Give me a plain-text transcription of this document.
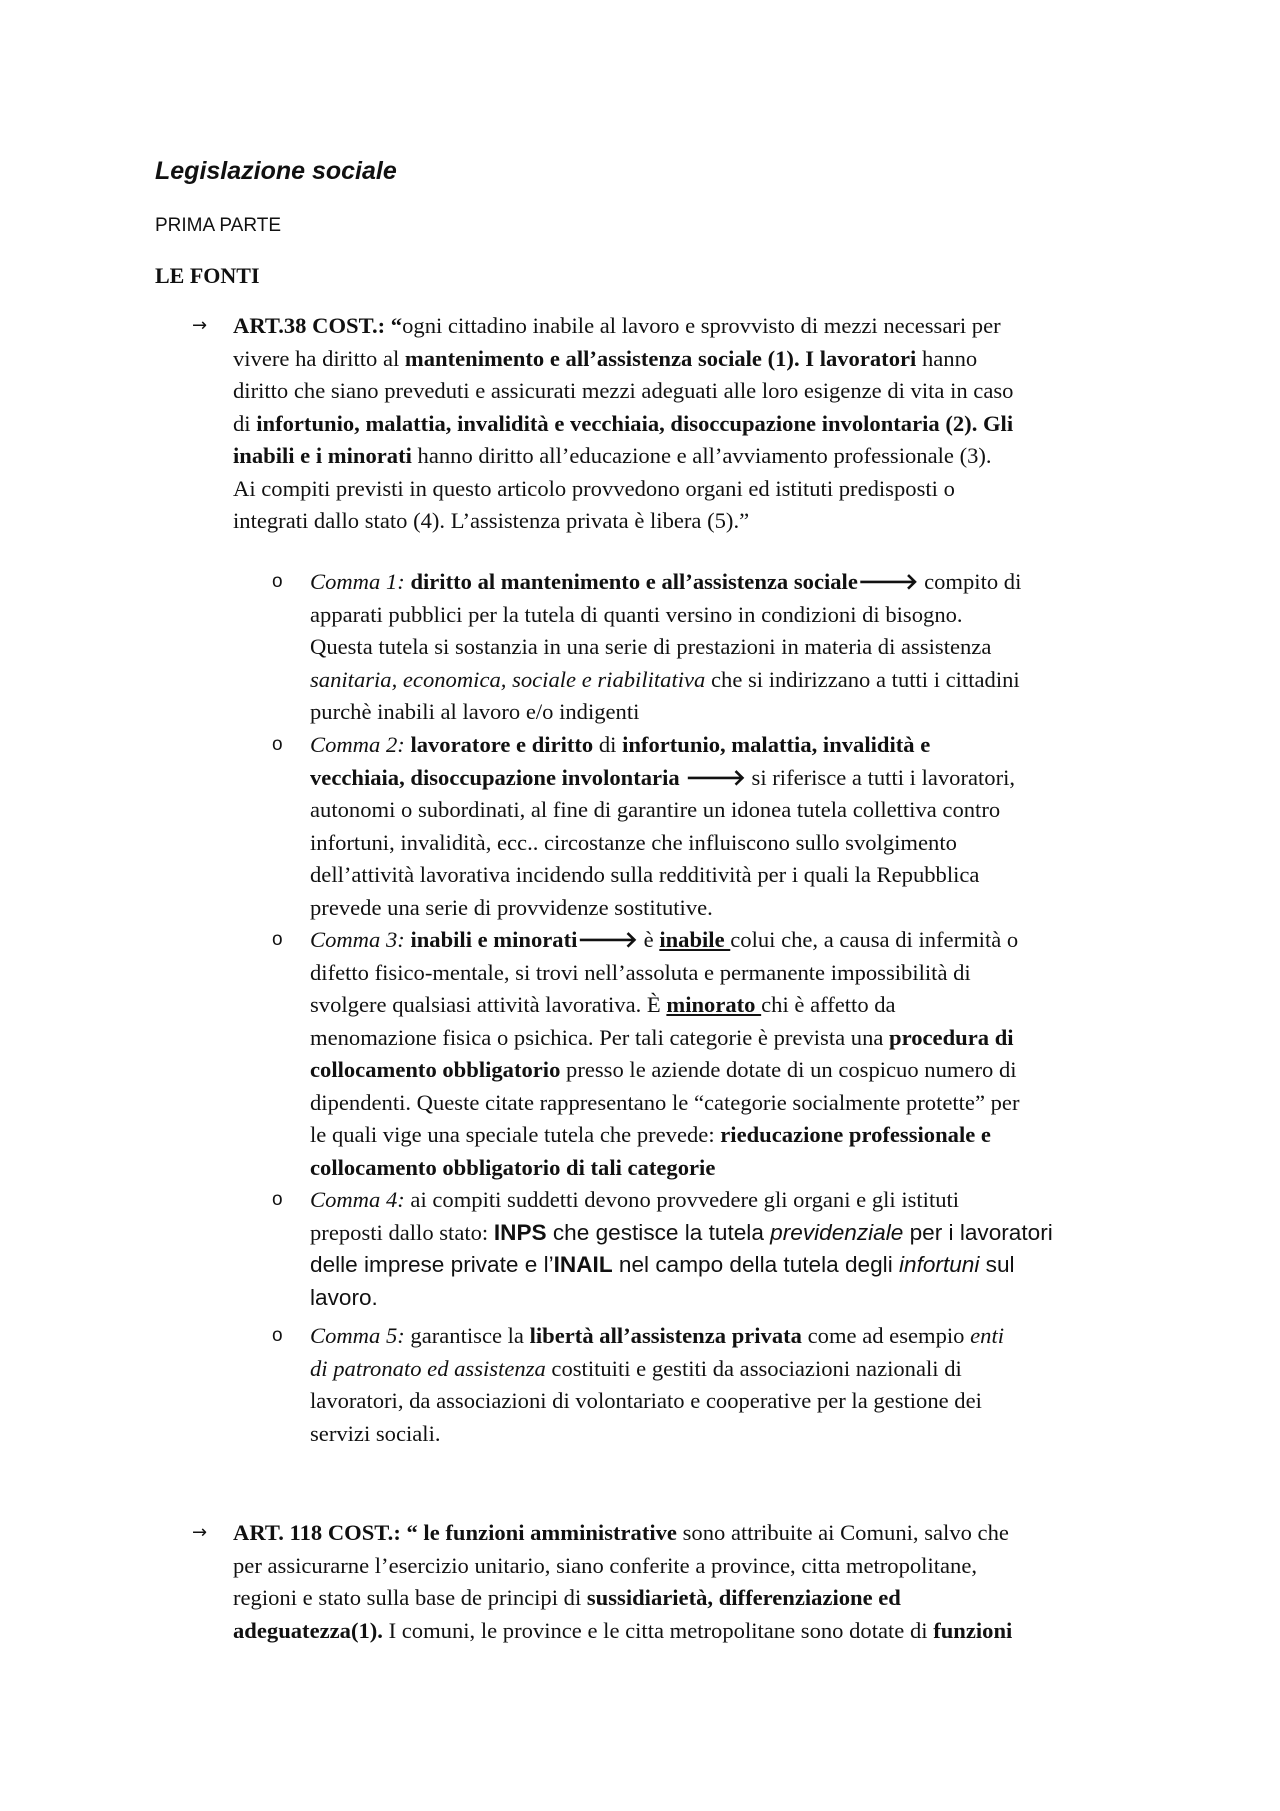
Legislazione sociale
PRIMA PARTE
LE FONTI
→ ART.38 COST.: “ogni cittadino inabile al lavoro e sprovvisto di mezzi necessari per
vivere ha diritto al mantenimento e all’assistenza sociale (1). I lavoratori hanno
diritto che siano preveduti e assicurati mezzi adeguati alle loro esigenze di vita in caso
di infortunio, malattia, invalidità e vecchiaia, disoccupazione involontaria (2). Gli
inabili e i minorati hanno diritto all’educazione e all’avviamento professionale (3).
Ai compiti previsti in questo articolo provvedono organi ed istituti predisposti o
integrati dallo stato (4). L’assistenza privata è libera (5).”
o Comma 1: diritto al mantenimento e all’assistenza sociale🡒 compito di
apparati pubblici per la tutela di quanti versino in condizioni di bisogno.
Questa tutela si sostanzia in una serie di prestazioni in materia di assistenza
sanitaria, economica, sociale e riabilitativa che si indirizzano a tutti i cittadini
purchè inabili al lavoro e/o indigenti
o Comma 2: lavoratore e diritto di infortunio, malattia, invalidità e
vecchiaia, disoccupazione involontaria 🡒 si riferisce a tutti i lavoratori,
autonomi o subordinati, al fine di garantire un idonea tutela collettiva contro
infortuni, invalidità, ecc.. circostanze che influiscono sullo svolgimento
dell’attività lavorativa incidendo sulla redditività per i quali la Repubblica
prevede una serie di provvidenze sostitutive.
o Comma 3: inabili e minorati🡒 è inabile colui che, a causa di infermità o
difetto fisico-mentale, si trovi nell’assoluta e permanente impossibilità di
svolgere qualsiasi attività lavorativa. È minorato chi è affetto da
menomazione fisica o psichica. Per tali categorie è prevista una procedura di
collocamento obbligatorio presso le aziende dotate di un cospicuo numero di
dipendenti. Queste citate rappresentano le “categorie socialmente protette” per
le quali vige una speciale tutela che prevede: rieducazione professionale e
collocamento obbligatorio di tali categorie
o Comma 4: ai compiti suddetti devono provvedere gli organi e gli istituti
preposti dallo stato: INPS che gestisce la tutela previdenziale per i lavoratori
delle imprese private e l’INAIL nel campo della tutela degli infortuni sul
lavoro.
o Comma 5: garantisce la libertà all’assistenza privata come ad esempio enti
di patronato ed assistenza costituiti e gestiti da associazioni nazionali di
lavoratori, da associazioni di volontariato e cooperative per la gestione dei
servizi sociali.
→ ART. 118 COST.: “ le funzioni amministrative sono attribuite ai Comuni, salvo che
per assicurarne l’esercizio unitario, siano conferite a province, citta metropolitane,
regioni e stato sulla base de principi di sussidiarietà, differenziazione ed
adeguatezza(1). I comuni, le province e le citta metropolitane sono dotate di funzioni
